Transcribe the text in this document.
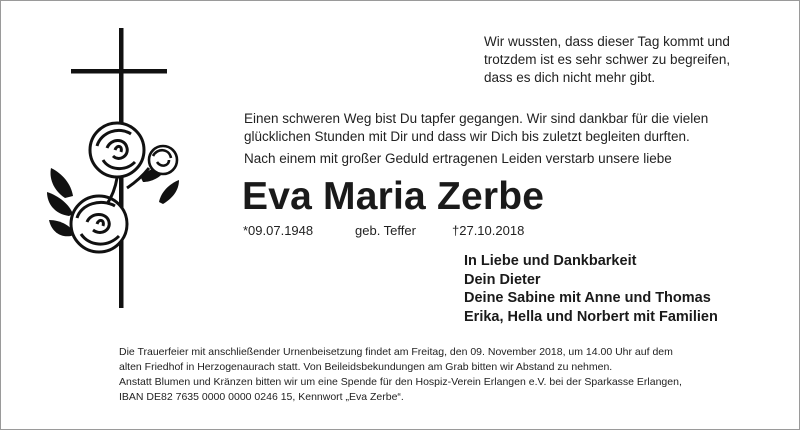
Wir wussten, dass dieser Tag kommt und
trotzdem ist es sehr schwer zu begreifen,
dass es dich nicht mehr gibt.
Einen schweren Weg bist Du tapfer gegangen. Wir sind dankbar für die vielen
glücklichen Stunden mit Dir und dass wir Dich bis zuletzt begleiten durften.
Nach einem mit großer Geduld ertragenen Leiden verstarb unsere liebe
Eva Maria Zerbe
*09.07.1948	geb. Teffer	†27.10.2018
In Liebe und Dankbarkeit
Dein Dieter
Deine Sabine mit Anne und Thomas
Erika, Hella und Norbert mit Familien
Die Trauerfeier mit anschließender Urnenbeisetzung findet am Freitag, den 09. November 2018, um 14.00 Uhr auf dem
alten Friedhof in Herzogenaurach statt. Von Beileidsbekundungen am Grab bitten wir Abstand zu nehmen.
Anstatt Blumen und Kränzen bitten wir um eine Spende für den Hospiz-Verein Erlangen e.V. bei der Sparkasse Erlangen,
IBAN DE82 7635 0000 0000 0246 15, Kennwort „Eva Zerbe“.
